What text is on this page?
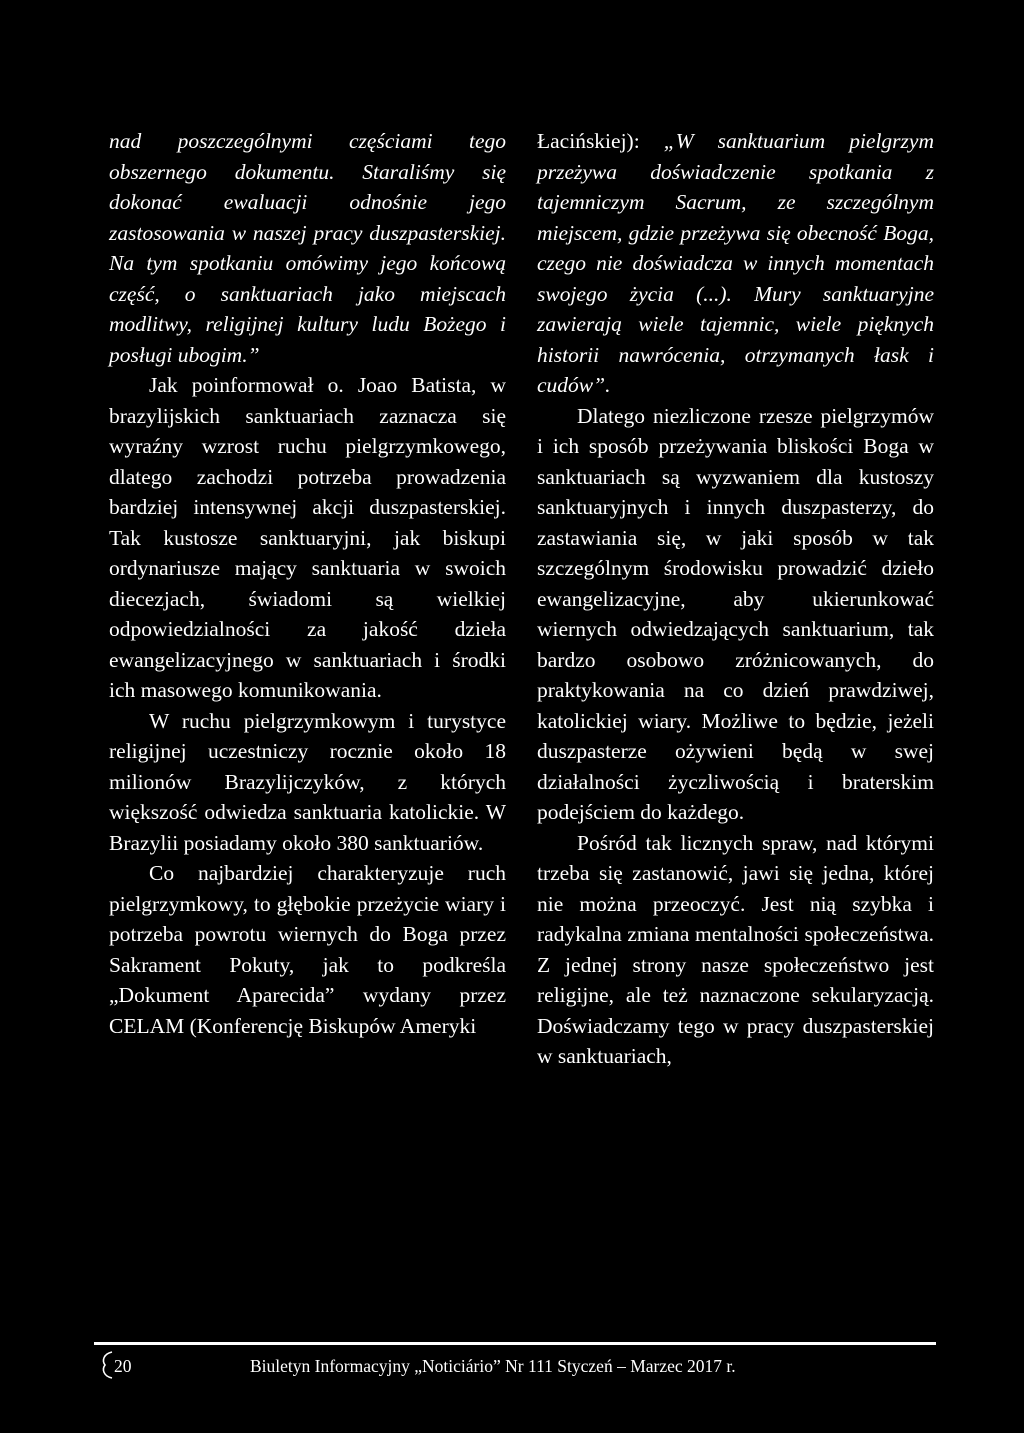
nad poszczególnymi częściami tego obszernego dokumentu. Staraliśmy się dokonać ewaluacji odnośnie jego zastosowania w naszej pracy duszpasterskiej. Na tym spotkaniu omówimy jego końcową część, o sanktuariach jako miejscach modlitwy, religijnej kultury ludu Bożego i posługi ubogim.”

Jak poinformował o. Joao Batista, w brazylijskich sanktuariach zaznacza się wyraźny wzrost ruchu pielgrzymkowego, dlatego zachodzi potrzeba prowadzenia bardziej intensywnej akcji duszpasterskiej. Tak kustosze sanktuaryjni, jak biskupi ordynariusze mający sanktuaria w swoich diecezjach, świadomi są wielkiej odpowiedzialności za jakość dzieła ewangelizacyjnego w sanktuariach i środki ich masowego komunikowania.

W ruchu pielgrzymkowym i turystyce religijnej uczestniczy rocznie około 18 milionów Brazylijczyków, z których większość odwiedza sanktuaria katolickie. W Brazylii posiadamy około 380 sanktuariów.

Co najbardziej charakteryzuje ruch pielgrzymkowy, to głębokie przeżycie wiary i potrzeba powrotu wiernych do Boga przez Sakrament Pokuty, jak to podkreśla „Dokument Aparecida” wydany przez CELAM (Konferencję Biskupów Ameryki

Łacińskiej): „W sanktuarium pielgrzym przeżywa doświadczenie spotkania z tajemniczym Sacrum, ze szczególnym miejscem, gdzie przeżywa się obecność Boga, czego nie doświadcza w innych momentach swojego życia (...). Mury sanktuaryjne zawierają wiele tajemnic, wiele pięknych historii nawrócenia, otrzymanych łask i cudów”.

Dlatego niezliczone rzesze pielgrzymów i ich sposób przeżywania bliskości Boga w sanktuariach są wyzwaniem dla kustoszy sanktuaryjnych i innych duszpasterzy, do zastawiania się, w jaki sposób w tak szczególnym środowisku prowadzić dzieło ewangelizacyjne, aby ukierunkować wiernych odwiedzających sanktuarium, tak bardzo osobowo zróżnicowanych, do praktykowania na co dzień prawdziwej, katolickiej wiary. Możliwe to będzie, jeżeli duszpasterze ożywieni będą w swej działalności życzliwością i braterskim podejściem do każdego.

Pośród tak licznych spraw, nad którymi trzeba się zastanowić, jawi się jedna, której nie można przeoczyć. Jest nią szybka i radykalna zmiana mentalności społeczeństwa. Z jednej strony nasze społeczeństwo jest religijne, ale też naznaczone sekularyzacją. Doświadczamy tego w pracy duszpasterskiej w sanktuariach,

20	Biuletyn Informacyjny „Noticiário” Nr 111 Styczeń – Marzec 2017 r.
